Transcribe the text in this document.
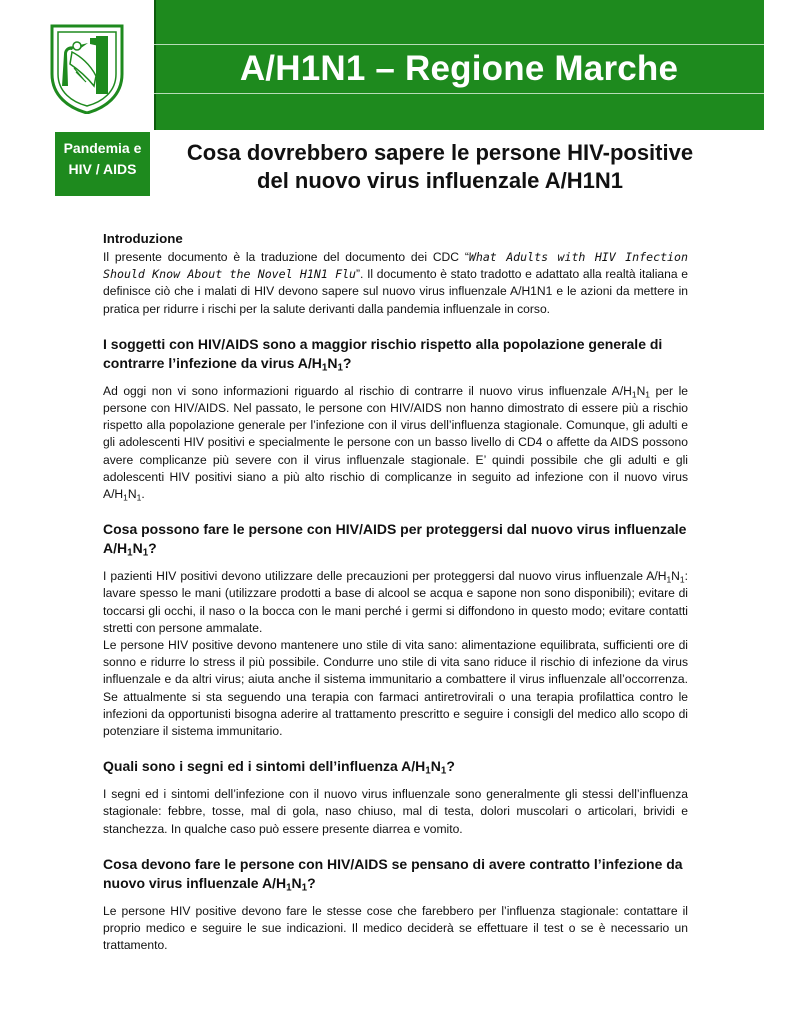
A/H1N1 – Regione Marche
Pandemia e
HIV / AIDS
Cosa dovrebbero sapere le persone HIV-positive
del nuovo virus influenzale A/H1N1
Introduzione

Il presente documento è la traduzione del documento dei CDC “What Adults with HIV Infection Should Know About the Novel H1N1 Flu”. Il documento è stato tradotto e adattato alla realtà italiana e definisce ciò che i malati di HIV devono sapere sul nuovo virus influenzale A/H1N1 e le azioni da mettere in pratica per ridurre i rischi per la salute derivanti dalla pandemia influenzale in corso.

I soggetti con HIV/AIDS sono a maggior rischio rispetto alla popolazione generale di contrarre l’infezione da virus $A/H_1N_1$?

Ad oggi non vi sono informazioni riguardo al rischio di contrarre il nuovo virus influenzale $A/H_1N_1$ per le persone con HIV/AIDS. Nel passato, le persone con HIV/AIDS non hanno dimostrato di essere più a rischio rispetto alla popolazione generale per l’infezione con il virus dell’influenza stagionale. Comunque, gli adulti e gli adolescenti HIV positivi e specialmente le persone con un basso livello di CD4 o affette da AIDS possono avere complicanze più severe con il virus influenzale stagionale. E’ quindi possibile che gli adulti e gli adolescenti HIV positivi siano a più alto rischio di complicanze in seguito ad infezione con il nuovo virus $A/H_1N_1$.

Cosa possono fare le persone con HIV/AIDS per proteggersi dal nuovo virus influenzale $A/H_1N_1$?

I pazienti HIV positivi devono utilizzare delle precauzioni per proteggersi dal nuovo virus influenzale $A/H_1N_1$: lavare spesso le mani (utilizzare prodotti a base di alcool se acqua e sapone non sono disponibili); evitare di toccarsi gli occhi, il naso o la bocca con le mani perché i germi si diffondono in questo modo; evitare contatti stretti con persone ammalate.

Le persone HIV positive devono mantenere uno stile di vita sano: alimentazione equilibrata, sufficienti ore di sonno e ridurre lo stress il più possibile. Condurre uno stile di vita sano riduce il rischio di infezione da virus influenzale e da altri virus; aiuta anche il sistema immunitario a combattere il virus influenzale all’occorrenza. Se attualmente si sta seguendo una terapia con farmaci antiretrovirali o una terapia profilattica contro le infezioni da opportunisti bisogna aderire al trattamento prescritto e seguire i consigli del medico allo scopo di potenziare il sistema immunitario.

Quali sono i segni ed i sintomi dell’influenza $A/H_1N_1$?

I segni ed i sintomi dell’infezione con il nuovo virus influenzale sono generalmente gli stessi dell’influenza stagionale: febbre, tosse, mal di gola, naso chiuso, mal di testa, dolori muscolari o articolari, brividi e stanchezza. In qualche caso può essere presente diarrea e vomito.

Cosa devono fare le persone con HIV/AIDS se pensano di avere contratto l’infezione da nuovo virus influenzale $A/H_1N_1$?

Le persone HIV positive devono fare le stesse cose che farebbero per l’influenza stagionale: contattare il proprio medico e seguire le sue indicazioni. Il medico deciderà se effettuare il test o se è necessario un trattamento.
